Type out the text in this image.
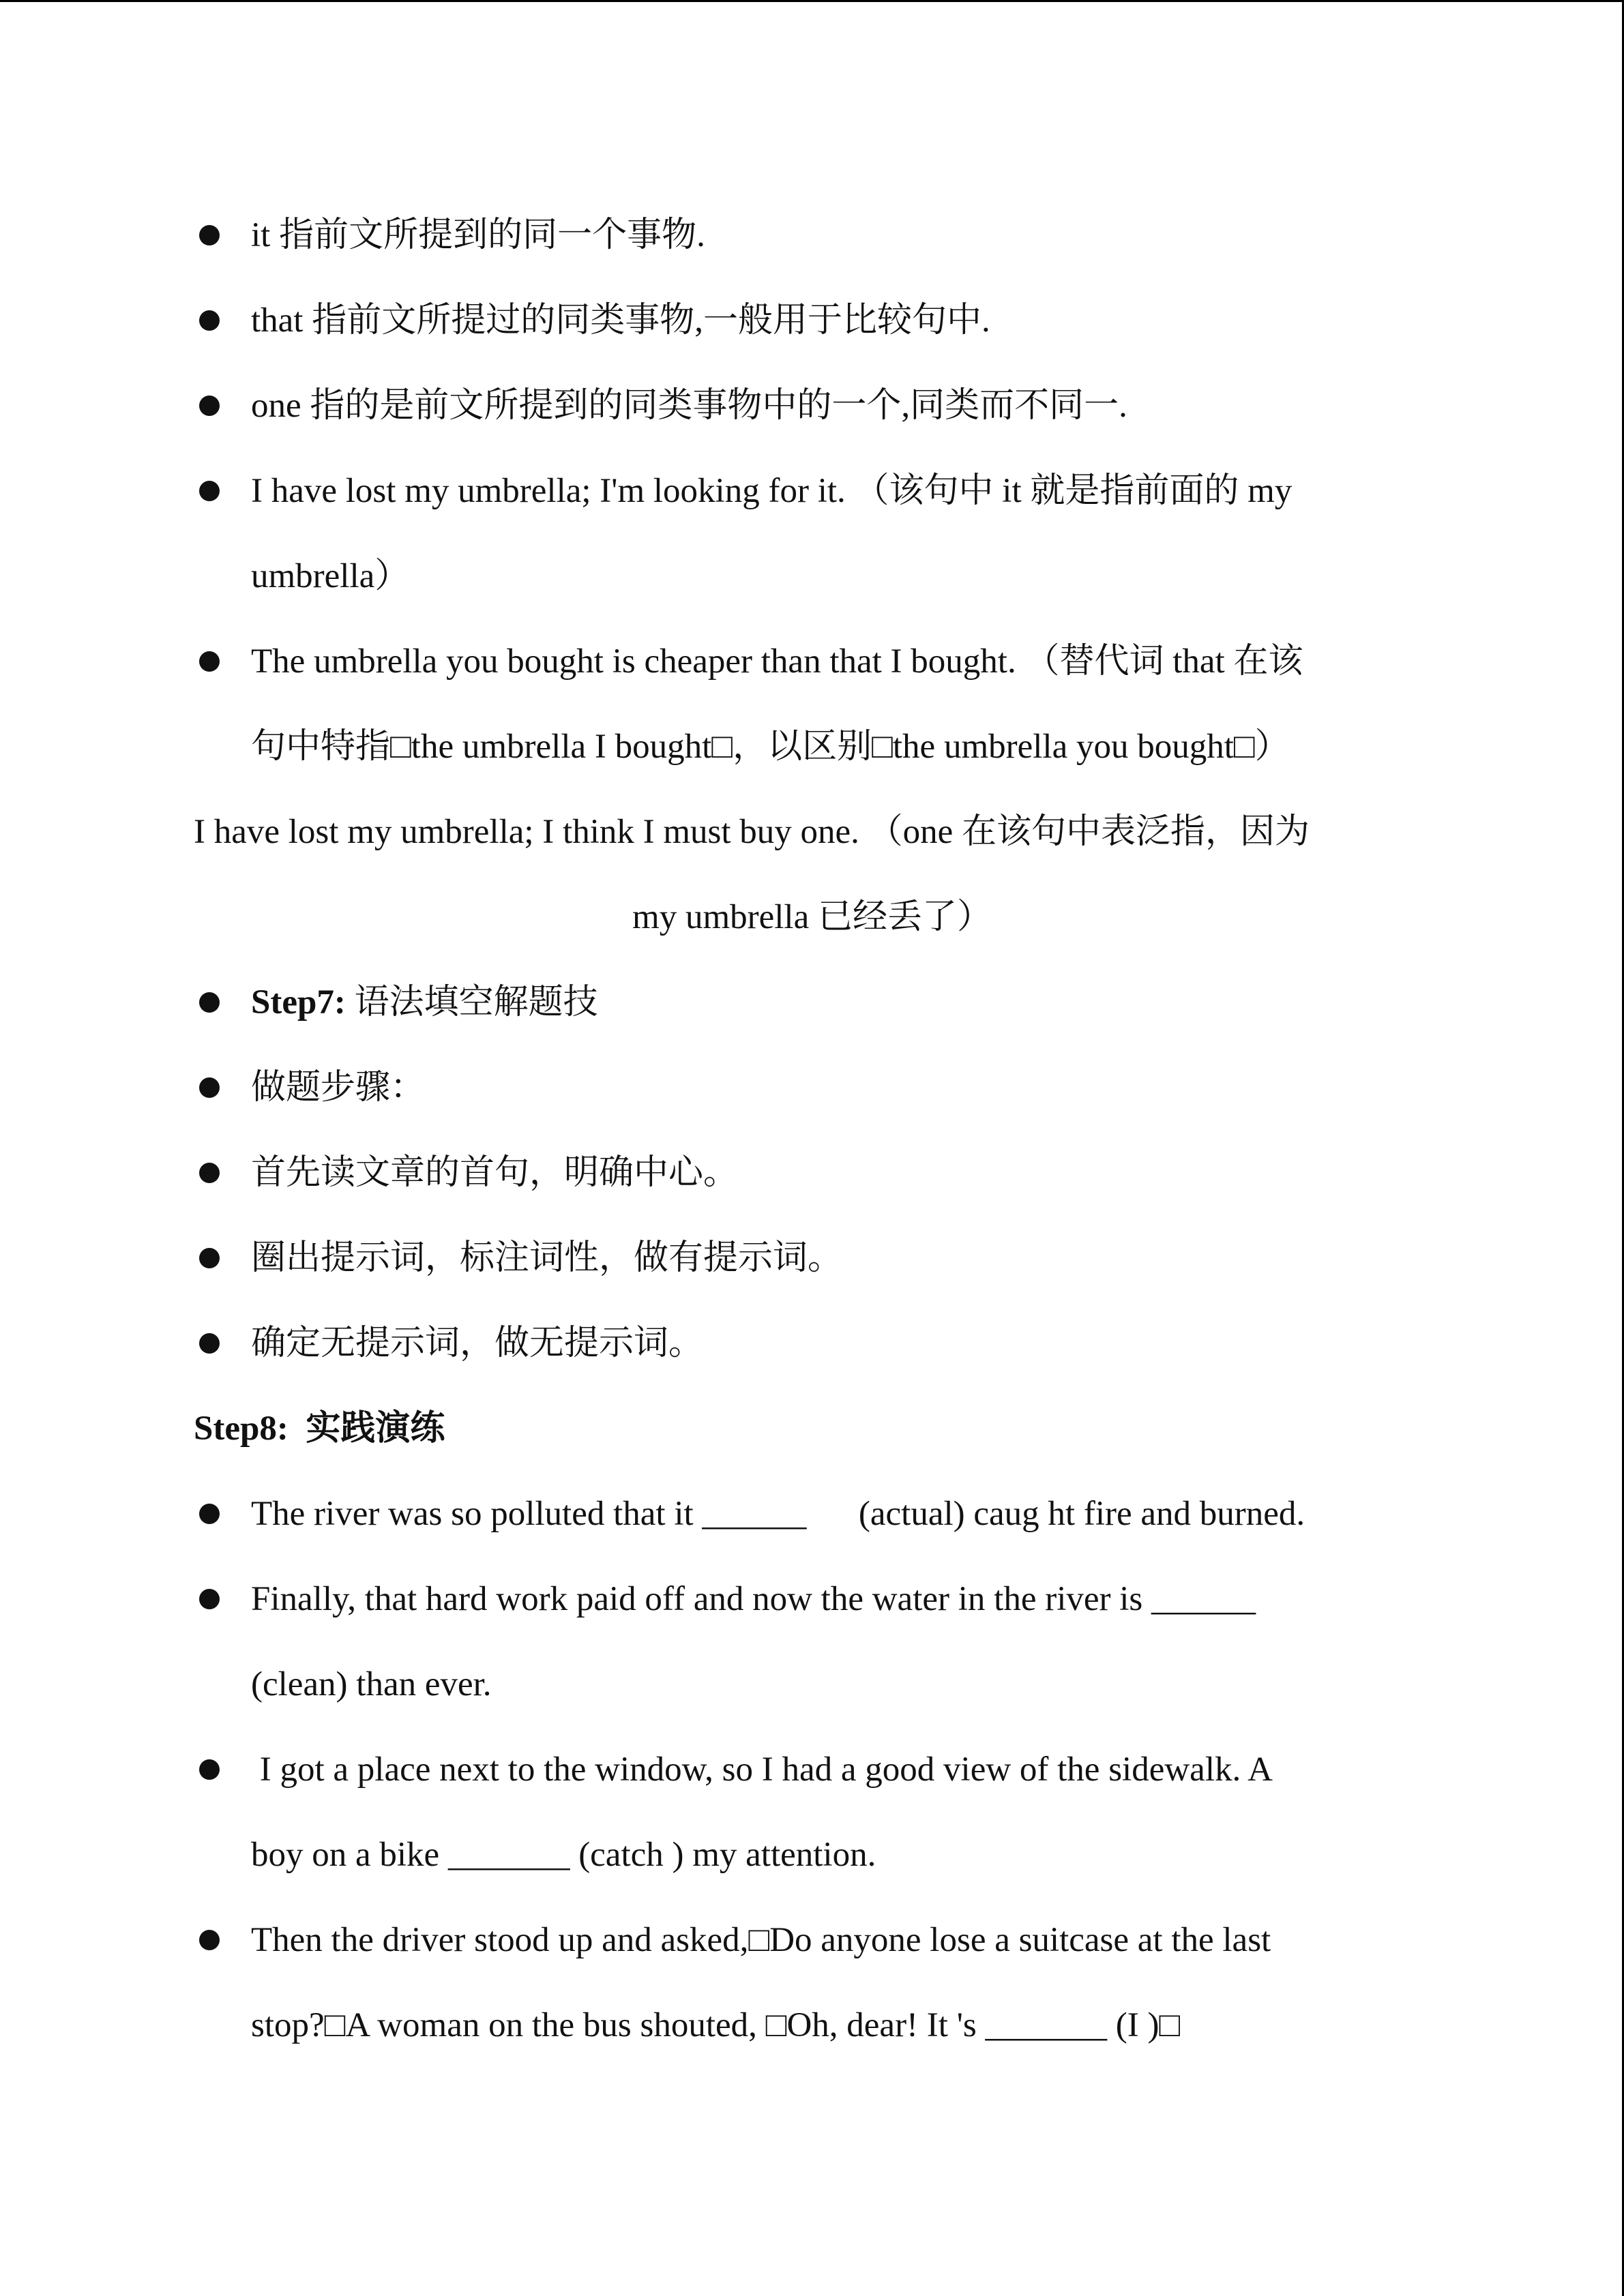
it 指前文所提到的同一个事物.
that 指前文所提过的同类事物,一般用于比较句中.
one 指的是前文所提到的同类事物中的一个,同类而不同一.
I have lost my umbrella; I'm looking for it. （该句中 it 就是指前面的 my
umbrella）
The umbrella you bought is cheaper than that I bought. （替代词 that 在该
句中特指□the umbrella I bought□，以区别□the umbrella you bought□）
I have lost my umbrella; I think I must buy one. （one 在该句中表泛指，因为
my umbrella 已经丢了）
Step7: 语法填空解题技
做题步骤：
首先读文章的首句，明确中心。
圈出提示词，标注词性，做有提示词。
确定无提示词，做无提示词。
Step8:  实践演练
The river was so polluted that it ______      (actual) caug ht fire and burned.
Finally, that hard work paid off and now the water in the river is ______
(clean) than ever.
I got a place next to the window, so I had a good view of the sidewalk. A
boy on a bike _______ (catch ) my attention.
Then the driver stood up and asked,□Do anyone lose a suitcase at the last
stop?□A woman on the bus shouted, □Oh, dear! It 's _______ (I )□
